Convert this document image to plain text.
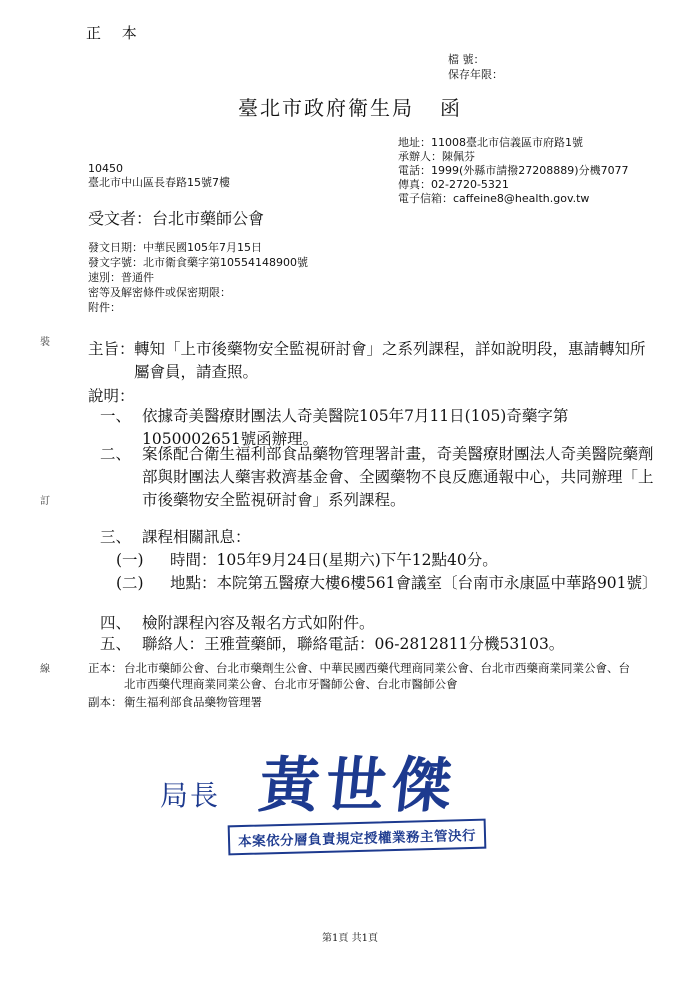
正 本
檔 號：
保存年限：
臺北市政府衛生局 函
地址：11008臺北市信義區市府路1號
承辦人：陳佩芬
電話：1999(外縣市請撥27208889)分機7077
傳真：02-2720-5321
電子信箱：caffeine8@health.gov.tw
10450
臺北市中山區長春路15號7樓
受文者：台北市藥師公會
發文日期：中華民國105年7月15日
發文字號：北市衛食藥字第10554148900號
速別：普通件
密等及解密條件或保密期限：
附件：
裝
訂
線
主旨： 轉知「上市後藥物安全監視研討會」之系列課程，詳如說明段，惠請轉知所屬會員，請查照。
說明：
一、 依據奇美醫療財團法人奇美醫院105年7月11日(105)奇藥字第1050002651號函辦理。
二、 案係配合衛生福利部食品藥物管理署計畫，奇美醫療財團法人奇美醫院藥劑部與財團法人藥害救濟基金會、全國藥物不良反應通報中心，共同辦理「上市後藥物安全監視研討會」系列課程。
三、 課程相關訊息：
(一) 時間：105年9月24日(星期六)下午12點40分。
(二) 地點：本院第五醫療大樓6樓561會議室〔台南市永康區中華路901號〕
四、 檢附課程內容及報名方式如附件。
五、 聯絡人：王雅萱藥師，聯絡電話：06-2812811分機53103。
正本： 台北市藥師公會、台北市藥劑生公會、中華民國西藥代理商同業公會、台北市西藥商業同業公會、台北市西藥代理商業同業公會、台北市牙醫師公會、台北市醫師公會
副本： 衛生福利部食品藥物管理署
局長 黃世傑
本案依分層負責規定授權業務主管決行
第1頁 共1頁
